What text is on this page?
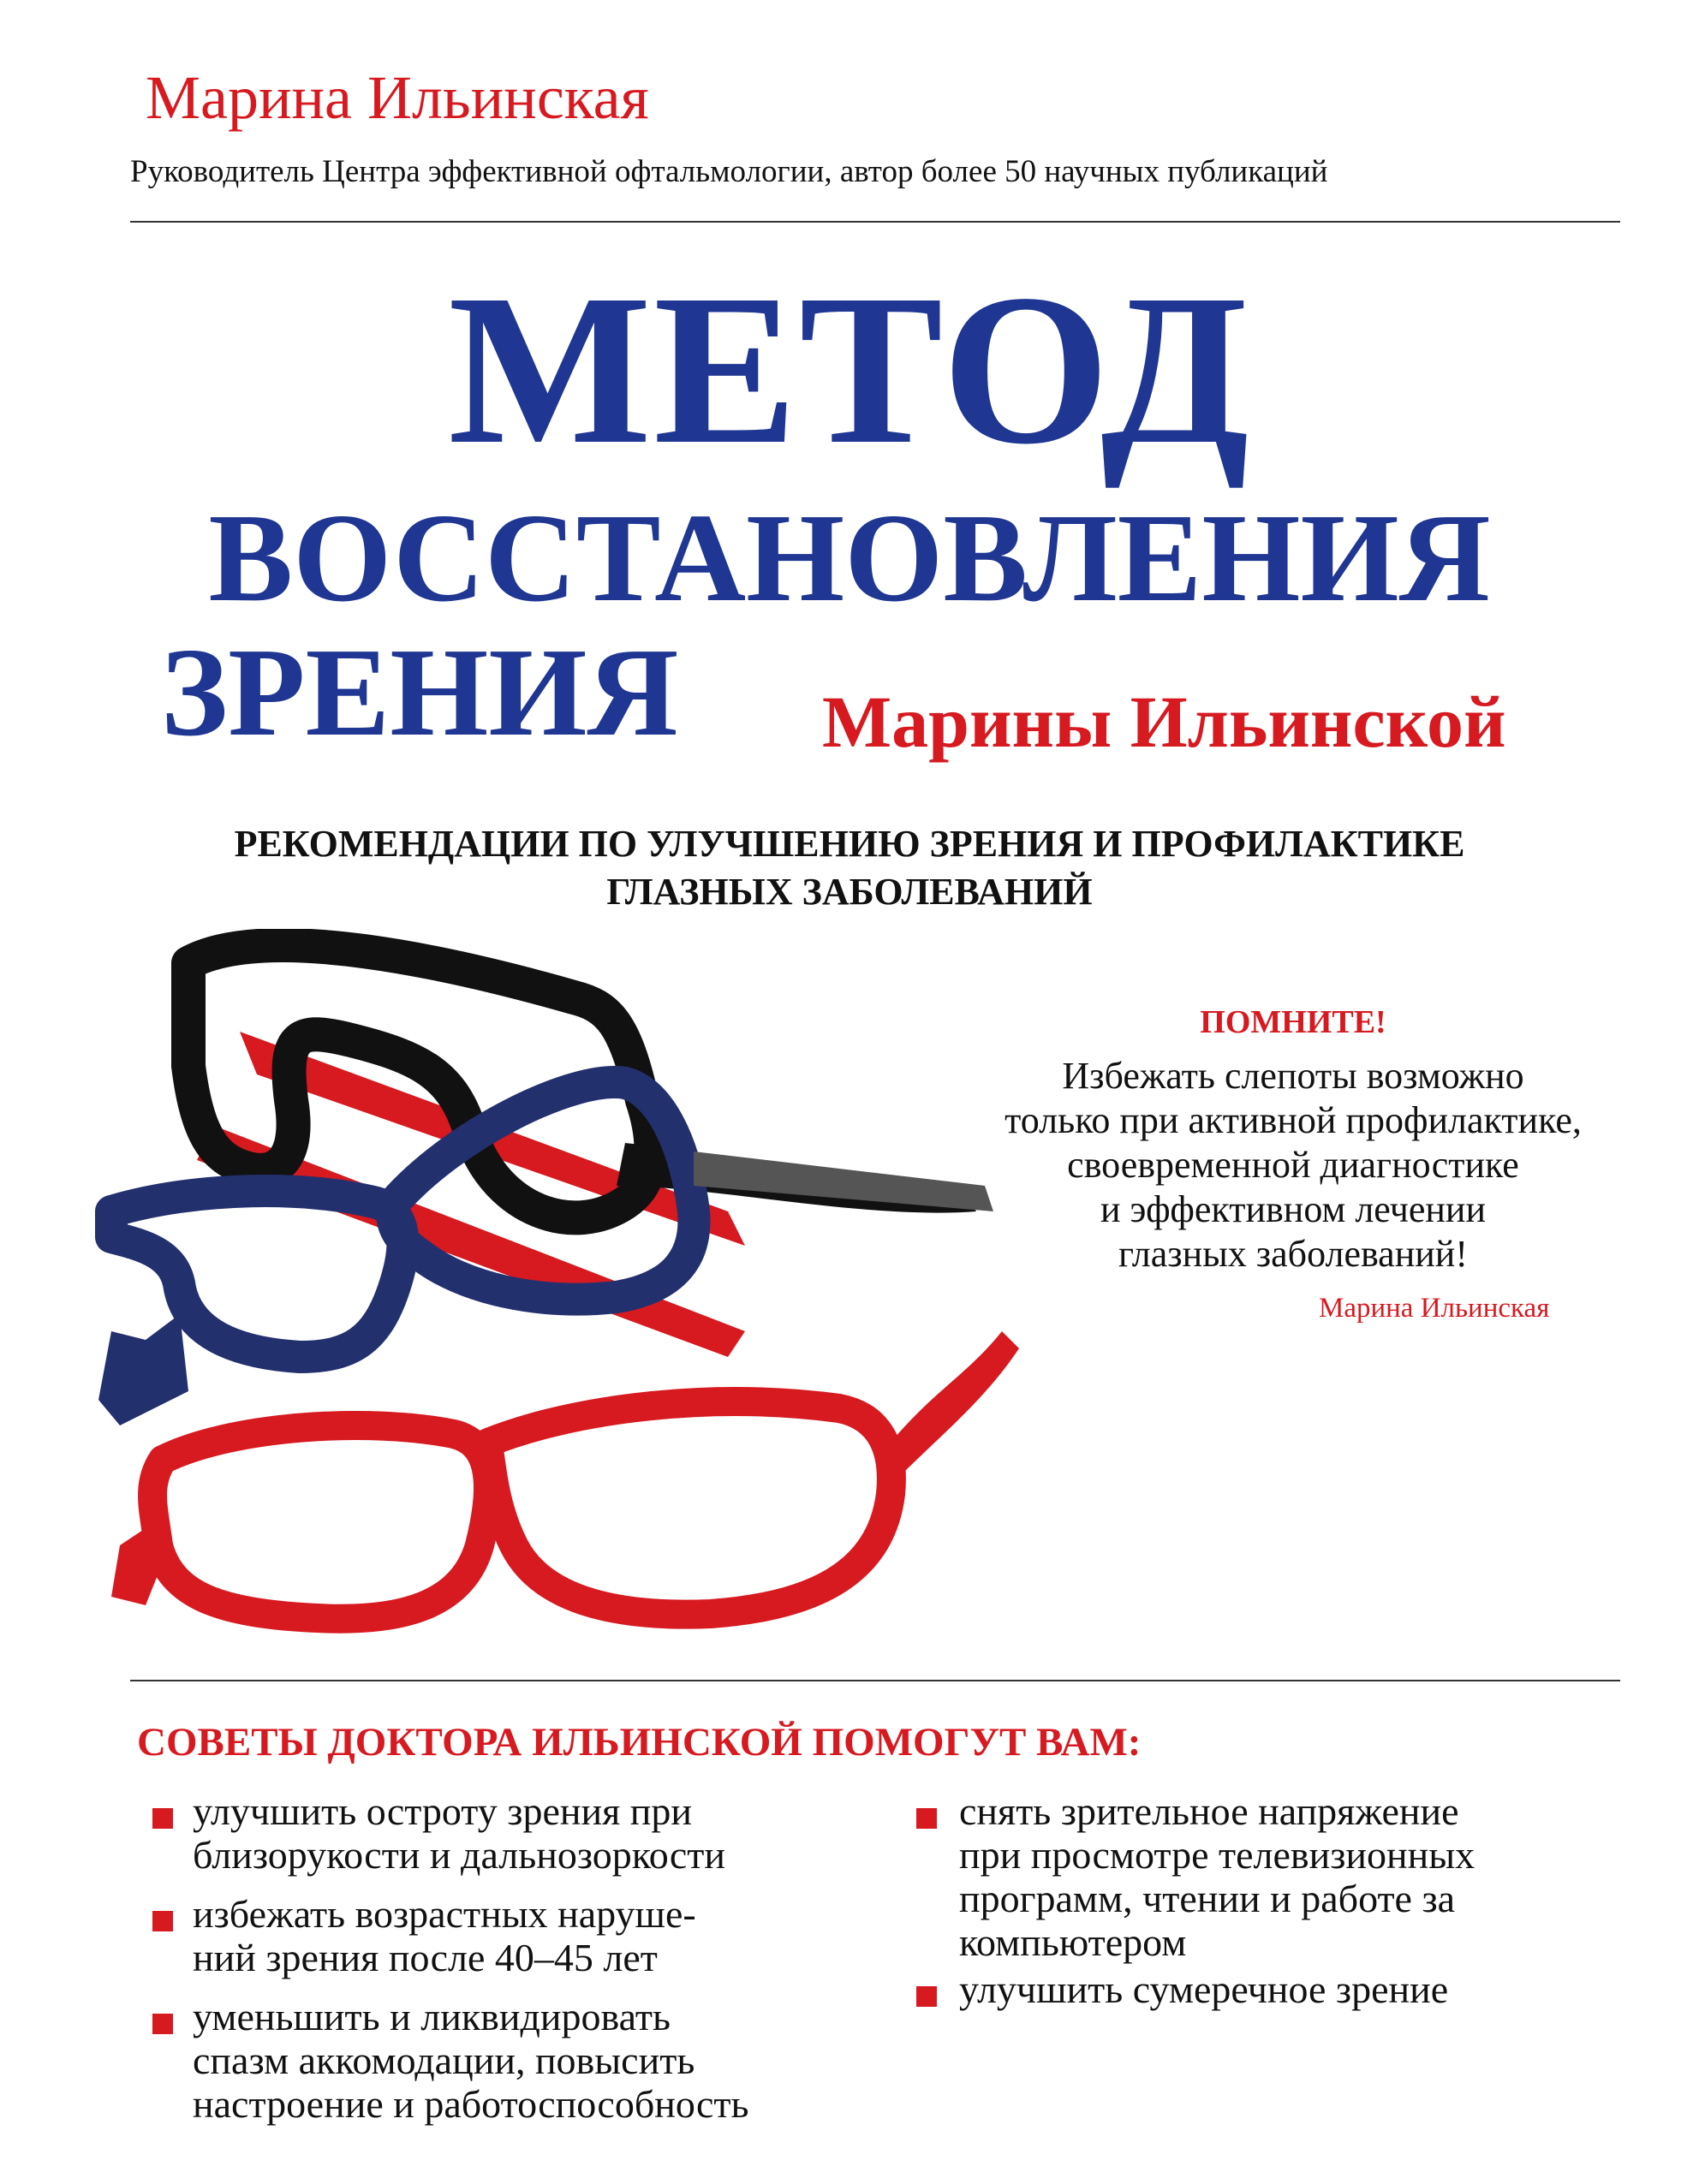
Марина Ильинская
Руководитель Центра эффективной офтальмологии, автор более 50 научных публикаций
МЕТОД
ВОССТАНОВЛЕНИЯ
ЗРЕНИЯ Марины Ильинской
РЕКОМЕНДАЦИИ ПО УЛУЧШЕНИЮ ЗРЕНИЯ И ПРОФИЛАКТИКЕ
ГЛАЗНЫХ ЗАБОЛЕВАНИЙ
ПОМНИТЕ!
Избежать слепоты возможно
только при активной профилактике,
своевременной диагностике
и эффективном лечении
глазных заболеваний!
Марина Ильинская
СОВЕТЫ ДОКТОРА ИЛЬИНСКОЙ ПОМОГУТ ВАМ:
улучшить остроту зрения при
близорукости и дальнозоркости
избежать возрастных наруше-
ний зрения после 40–45 лет
уменьшить и ликвидировать
спазм аккомодации, повысить
настроение и работоспособность
снять зрительное напряжение
при просмотре телевизионных
программ, чтении и работе за
компьютером
улучшить сумеречное зрение
